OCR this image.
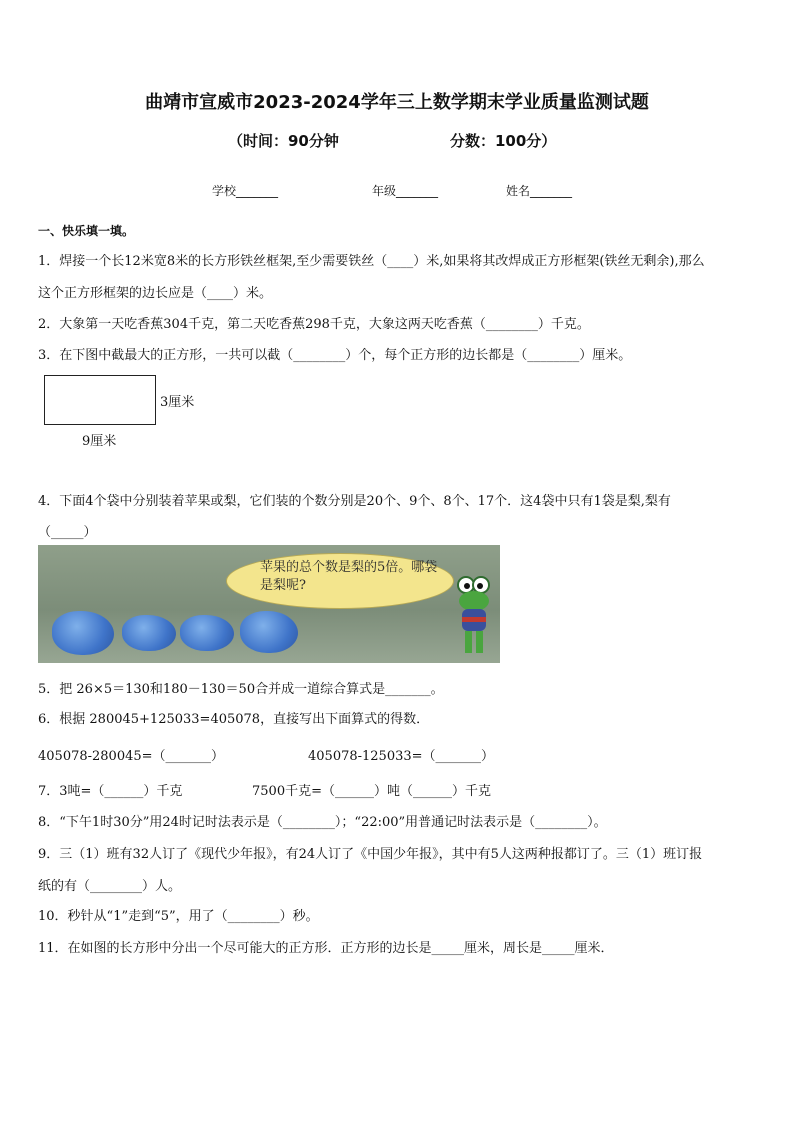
曲靖市宣威市2023-2024学年三上数学期末学业质量监测试题
（时间：90分钟	分数：100分）
学校_______	年级_______	姓名_______
一、快乐填一填。
1．焊接一个长12米宽8米的长方形铁丝框架,至少需要铁丝（____）米,如果将其改焊成正方形框架(铁丝无剩余),那么
这个正方形框架的边长应是（____）米。
2．大象第一天吃香蕉304千克，第二天吃香蕉298千克，大象这两天吃香蕉（________）千克。
3．在下图中截最大的正方形，一共可以截（________）个，每个正方形的边长都是（________）厘米。
3厘米
9厘米
4．下面4个袋中分别装着苹果或梨，它们装的个数分别是20个、9个、8个、17个．这4袋中只有1袋是梨,梨有
（_____）
苹果的总个数是梨的5倍。哪袋是梨呢?
5．把 26×5＝130和180－130＝50合并成一道综合算式是_______。
6．根据 280045+125033=405078，直接写出下面算式的得数．
405078-280045=（_______）	405078-125033=（_______）
7．3吨=（______）千克	7500千克=（______）吨（______）千克
8．“下午1时30分”用24时记时法表示是（________）；“22:00”用普通记时法表示是（________）。
9．三（1）班有32人订了《现代少年报》，有24人订了《中国少年报》，其中有5人这两种报都订了。三（1）班订报
纸的有（________）人。
10．秒针从“1”走到“5”，用了（________）秒。
11．在如图的长方形中分出一个尽可能大的正方形．正方形的边长是_____厘米，周长是_____厘米．
